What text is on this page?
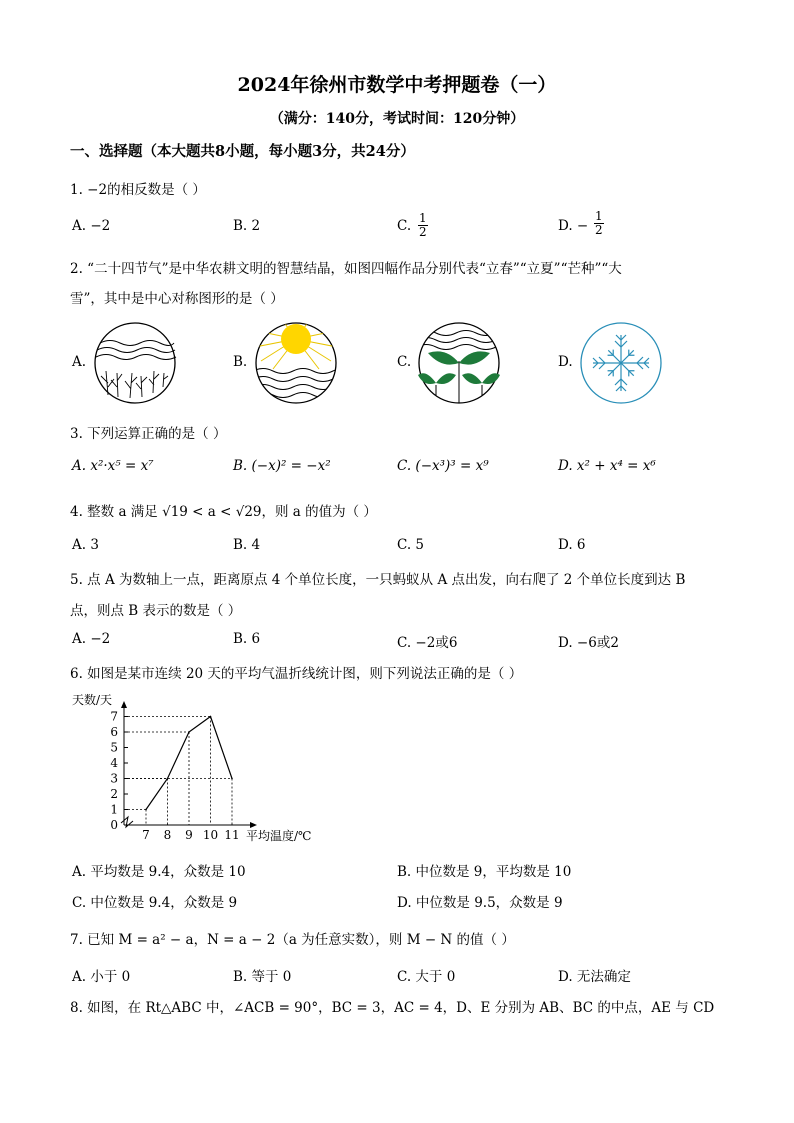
2024年徐州市数学中考押题卷（一）
（满分：140分，考试时间：120分钟）
一、选择题（本大题共8小题，每小题3分，共24分）
1. −2的相反数是（ ）
A. −2	B. 2	C. $\frac{1}{2}$	D. − $\frac{1}{2}$
2. “二十四节气”是中华农耕文明的智慧结晶，如图四幅作品分别代表“立春”“立夏”“芒种”“大
雪”，其中是中心对称图形的是（ ）
A.	B.	C.	D.
3. 下列运算正确的是（ ）
A. x²·x⁵ = x⁷	B. (−x)² = −x²	C. (−x³)³ = x⁹	D. x² + x⁴ = x⁶
4. 整数 a 满足 √19 < a < √29，则 a 的值为（ ）
A. 3	B. 4	C. 5	D. 6
5. 点 A 为数轴上一点，距离原点 4 个单位长度，一只蚂蚁从 A 点出发，向右爬了 2 个单位长度到达 B
点，则点 B 表示的数是（ ）
A. −2	B. 6	C. −2或6	D. −6或2
6. 如图是某市连续 20 天的平均气温折线统计图，则下列说法正确的是（ ）
天数/天
平均温度/℃
0
1
2
3
4
5
6
7
7 8 9 10 11
A. 平均数是 9.4，众数是 10	B. 中位数是 9，平均数是 10
C. 中位数是 9.4，众数是 9	D. 中位数是 9.5，众数是 9
7. 已知 M = a² − a，N = a − 2（a 为任意实数），则 M − N 的值（ ）
A. 小于 0	B. 等于 0	C. 大于 0	D. 无法确定
8. 如图，在 Rt△ABC 中，∠ACB = 90°，BC = 3，AC = 4，D、E 分别为 AB、BC 的中点，AE 与 CD
